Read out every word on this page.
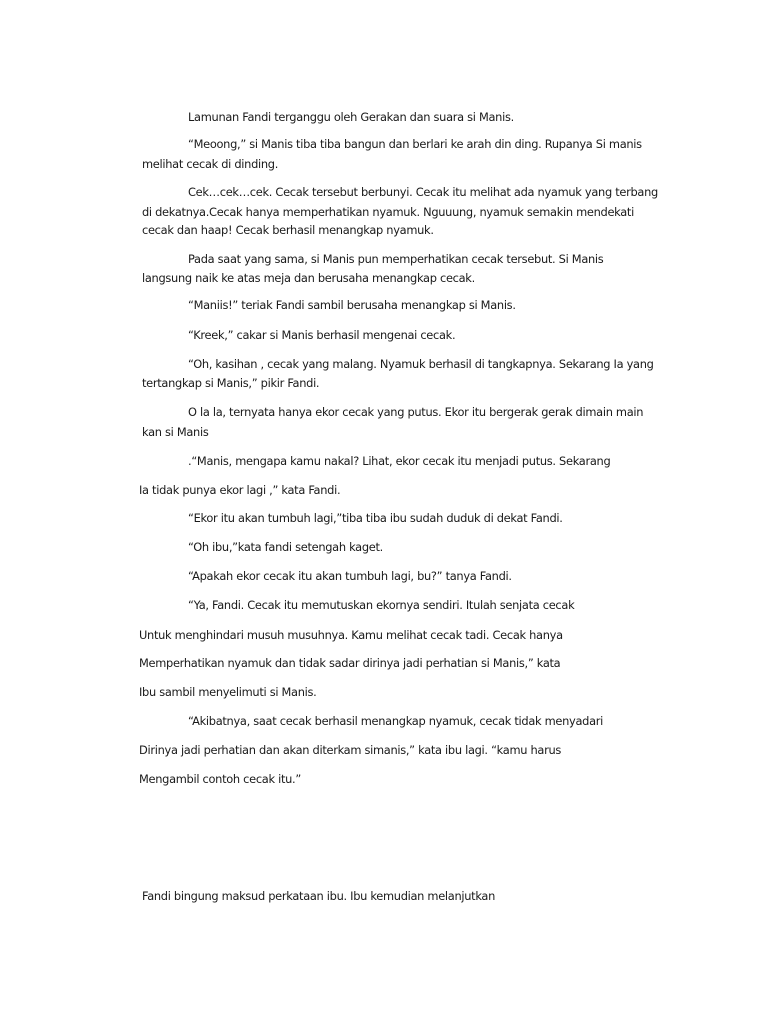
Lamunan Fandi terganggu oleh Gerakan dan suara si Manis.

“Meoong,” si Manis tiba tiba bangun dan berlari ke arah din ding. Rupanya Si manis

melihat cecak di dinding.

Cek…cek…cek. Cecak tersebut berbunyi. Cecak itu melihat ada nyamuk yang terbang

di dekatnya.Cecak hanya memperhatikan nyamuk. Nguuung, nyamuk semakin mendekati

cecak dan haap! Cecak berhasil menangkap nyamuk.

Pada saat yang sama, si Manis pun memperhatikan cecak tersebut. Si Manis

langsung naik ke atas meja dan berusaha menangkap cecak.

“Maniis!” teriak Fandi sambil berusaha menangkap si Manis.

“Kreek,” cakar si Manis berhasil mengenai cecak.

“Oh, kasihan , cecak yang malang. Nyamuk berhasil di tangkapnya. Sekarang Ia yang

tertangkap si Manis,” pikir Fandi.

O la la, ternyata hanya ekor cecak yang putus. Ekor itu bergerak gerak dimain main

kan si Manis

.“Manis, mengapa kamu nakal? Lihat, ekor cecak itu menjadi putus. Sekarang

Ia tidak punya ekor lagi ,” kata Fandi.

“Ekor itu akan tumbuh lagi,”tiba tiba ibu sudah duduk di dekat Fandi.

“Oh ibu,”kata fandi setengah kaget.

“Apakah ekor cecak itu akan tumbuh lagi, bu?” tanya Fandi.

“Ya, Fandi. Cecak itu memutuskan ekornya sendiri. Itulah senjata cecak

Untuk menghindari musuh musuhnya. Kamu melihat cecak tadi. Cecak hanya

Memperhatikan nyamuk dan tidak sadar dirinya jadi perhatian si Manis,” kata

Ibu sambil menyelimuti si Manis.

“Akibatnya, saat cecak berhasil menangkap nyamuk, cecak tidak menyadari

Dirinya jadi perhatian dan akan diterkam simanis,” kata ibu lagi. “kamu harus

Mengambil contoh cecak itu.”

Fandi bingung maksud perkataan ibu. Ibu kemudian melanjutkan
